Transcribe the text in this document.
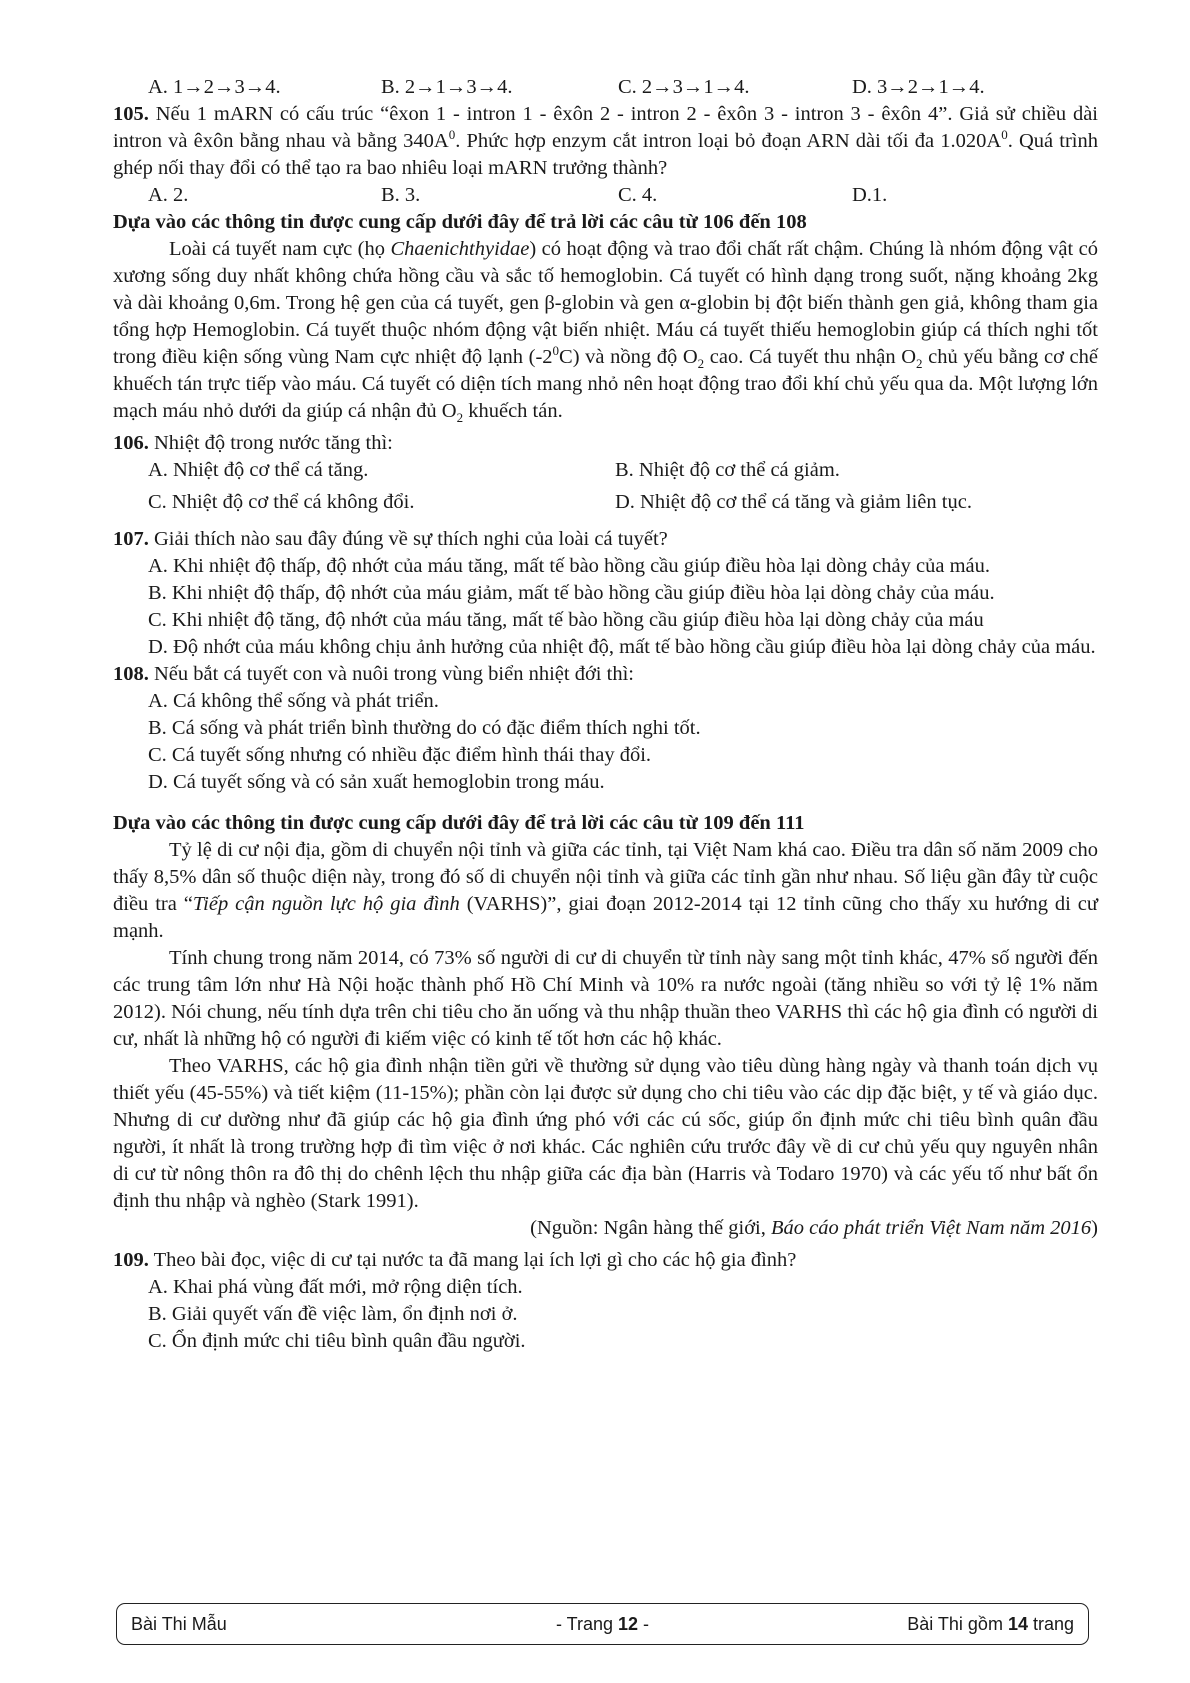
A. 1→2→3→4.	B. 2→1→3→4.	C. 2→3→1→4.	D. 3→2→1→4.

105. Nếu 1 mARN có cấu trúc “êxon 1 - intron 1 - êxôn 2 - intron 2 - êxôn 3 - intron 3 - êxôn 4”. Giả sử chiều dài intron và êxôn bằng nhau và bằng $340A^0$. Phức hợp enzym cắt intron loại bỏ đoạn ARN dài tối đa $1.020A^0$. Quá trình ghép nối thay đổi có thể tạo ra bao nhiêu loại mARN trưởng thành?

A. 2.	B. 3.	C. 4.	D.1.

Dựa vào các thông tin được cung cấp dưới đây để trả lời các câu từ 106 đến 108

Loài cá tuyết nam cực (họ Chaenichthyidae) có hoạt động và trao đổi chất rất chậm. Chúng là nhóm động vật có xương sống duy nhất không chứa hồng cầu và sắc tố hemoglobin. Cá tuyết có hình dạng trong suốt, nặng khoảng 2kg và dài khoảng 0,6m. Trong hệ gen của cá tuyết, gen β-globin và gen α-globin bị đột biến thành gen giả, không tham gia tổng hợp Hemoglobin. Cá tuyết thuộc nhóm động vật biến nhiệt. Máu cá tuyết thiếu hemoglobin giúp cá thích nghi tốt trong điều kiện sống vùng Nam cực nhiệt độ lạnh $(-2^0C)$ và nồng độ $O_2$ cao. Cá tuyết thu nhận $O_2$ chủ yếu bằng cơ chế khuếch tán trực tiếp vào máu. Cá tuyết có diện tích mang nhỏ nên hoạt động trao đổi khí chủ yếu qua da. Một lượng lớn mạch máu nhỏ dưới da giúp cá nhận đủ $O_2$ khuếch tán.

106. Nhiệt độ trong nước tăng thì:

A. Nhiệt độ cơ thể cá tăng.	B. Nhiệt độ cơ thể cá giảm.
C. Nhiệt độ cơ thể cá không đổi.	D. Nhiệt độ cơ thể cá tăng và giảm liên tục.

107. Giải thích nào sau đây đúng về sự thích nghi của loài cá tuyết?

A. Khi nhiệt độ thấp, độ nhớt của máu tăng, mất tế bào hồng cầu giúp điều hòa lại dòng chảy của máu.

B. Khi nhiệt độ thấp, độ nhớt của máu giảm, mất tế bào hồng cầu giúp điều hòa lại dòng chảy của máu.

C. Khi nhiệt độ tăng, độ nhớt của máu tăng, mất tế bào hồng cầu giúp điều hòa lại dòng chảy của máu

D. Độ nhớt của máu không chịu ảnh hưởng của nhiệt độ, mất tế bào hồng cầu giúp điều hòa lại dòng chảy của máu.

108. Nếu bắt cá tuyết con và nuôi trong vùng biển nhiệt đới thì:

A. Cá không thể sống và phát triển.

B. Cá sống và phát triển bình thường do có đặc điểm thích nghi tốt.

C. Cá tuyết sống nhưng có nhiều đặc điểm hình thái thay đổi.

D. Cá tuyết sống và có sản xuất hemoglobin trong máu.

Dựa vào các thông tin được cung cấp dưới đây để trả lời các câu từ 109 đến 111

Tỷ lệ di cư nội địa, gồm di chuyển nội tỉnh và giữa các tỉnh, tại Việt Nam khá cao. Điều tra dân số năm 2009 cho thấy 8,5% dân số thuộc diện này, trong đó số di chuyển nội tỉnh và giữa các tỉnh gần như nhau. Số liệu gần đây từ cuộc điều tra “Tiếp cận nguồn lực hộ gia đình (VARHS)”, giai đoạn 2012-2014 tại 12 tỉnh cũng cho thấy xu hướng di cư mạnh.

Tính chung trong năm 2014, có 73% số người di cư di chuyển từ tỉnh này sang một tỉnh khác, 47% số người đến các trung tâm lớn như Hà Nội hoặc thành phố Hồ Chí Minh và 10% ra nước ngoài (tăng nhiều so với tỷ lệ 1% năm 2012). Nói chung, nếu tính dựa trên chi tiêu cho ăn uống và thu nhập thuần theo VARHS thì các hộ gia đình có người di cư, nhất là những hộ có người đi kiếm việc có kinh tế tốt hơn các hộ khác.

Theo VARHS, các hộ gia đình nhận tiền gửi về thường sử dụng vào tiêu dùng hàng ngày và thanh toán dịch vụ thiết yếu (45-55%) và tiết kiệm (11-15%); phần còn lại được sử dụng cho chi tiêu vào các dịp đặc biệt, y tế và giáo dục. Nhưng di cư dường như đã giúp các hộ gia đình ứng phó với các cú sốc, giúp ổn định mức chi tiêu bình quân đầu người, ít nhất là trong trường hợp đi tìm việc ở nơi khác. Các nghiên cứu trước đây về di cư chủ yếu quy nguyên nhân di cư từ nông thôn ra đô thị do chênh lệch thu nhập giữa các địa bàn (Harris và Todaro 1970) và các yếu tố như bất ổn định thu nhập và nghèo (Stark 1991).

(Nguồn: Ngân hàng thế giới, Báo cáo phát triển Việt Nam năm 2016)

109. Theo bài đọc, việc di cư tại nước ta đã mang lại ích lợi gì cho các hộ gia đình?

A. Khai phá vùng đất mới, mở rộng diện tích.

B. Giải quyết vấn đề việc làm, ổn định nơi ở.

C. Ổn định mức chi tiêu bình quân đầu người.

Bài Thi Mẫu	- Trang 12 -	Bài Thi gồm 14 trang
